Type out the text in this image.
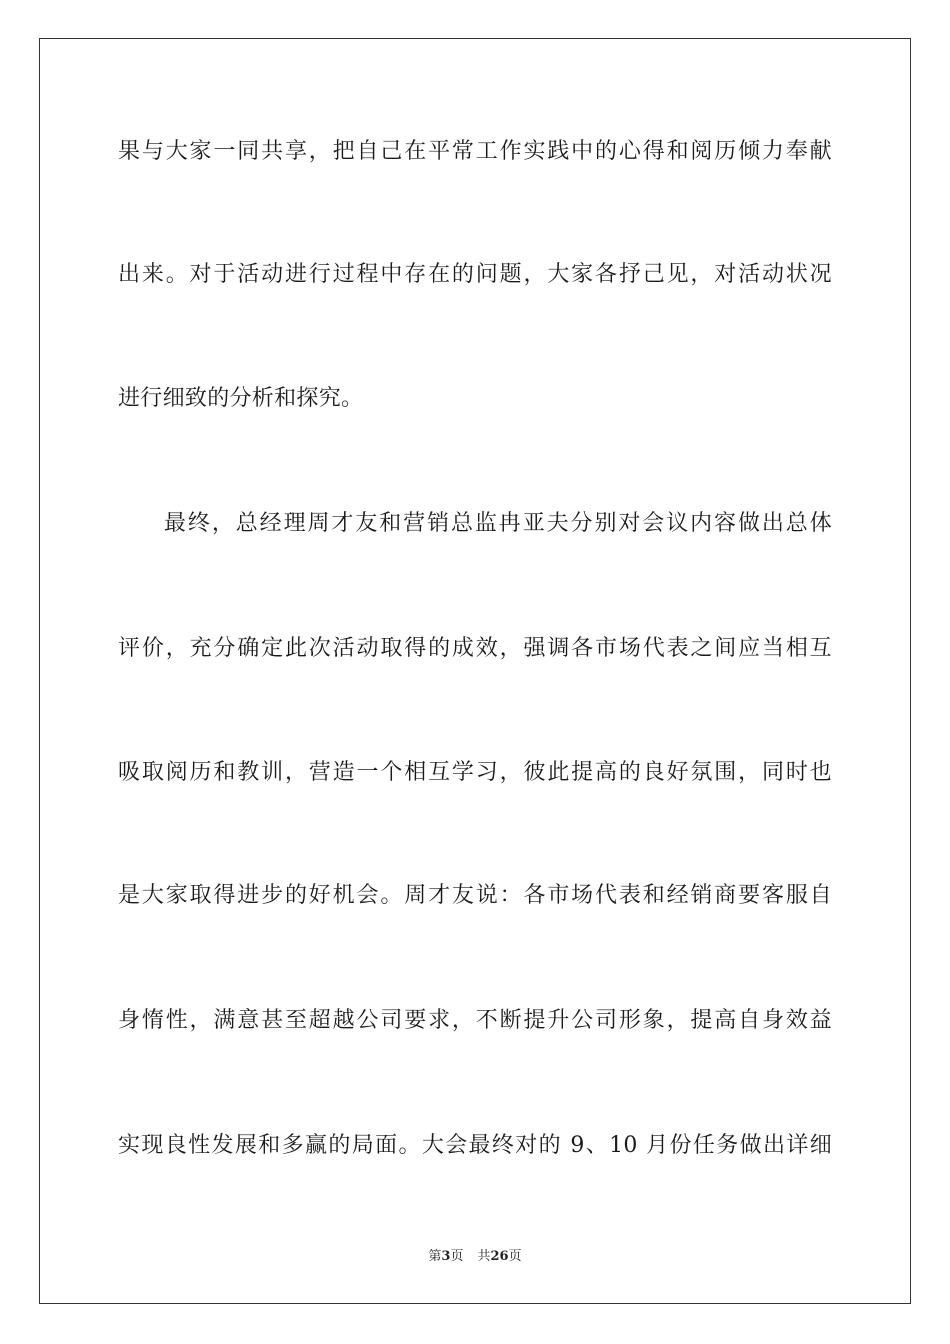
果与大家一同共享，把自己在平常工作实践中的心得和阅历倾力奉献
出来。对于活动进行过程中存在的问题，大家各抒己见，对活动状况
进行细致的分析和探究。
最终，总经理周才友和营销总监冉亚夫分别对会议内容做出总体
评价，充分确定此次活动取得的成效，强调各市场代表之间应当相互
吸取阅历和教训，营造一个相互学习，彼此提高的良好氛围，同时也
是大家取得进步的好机会。周才友说：各市场代表和经销商要客服自
身惰性，满意甚至超越公司要求，不断提升公司形象，提高自身效益
实现良性发展和多赢的局面。大会最终对的 9、10 月份任务做出详细
第3页 共26页
